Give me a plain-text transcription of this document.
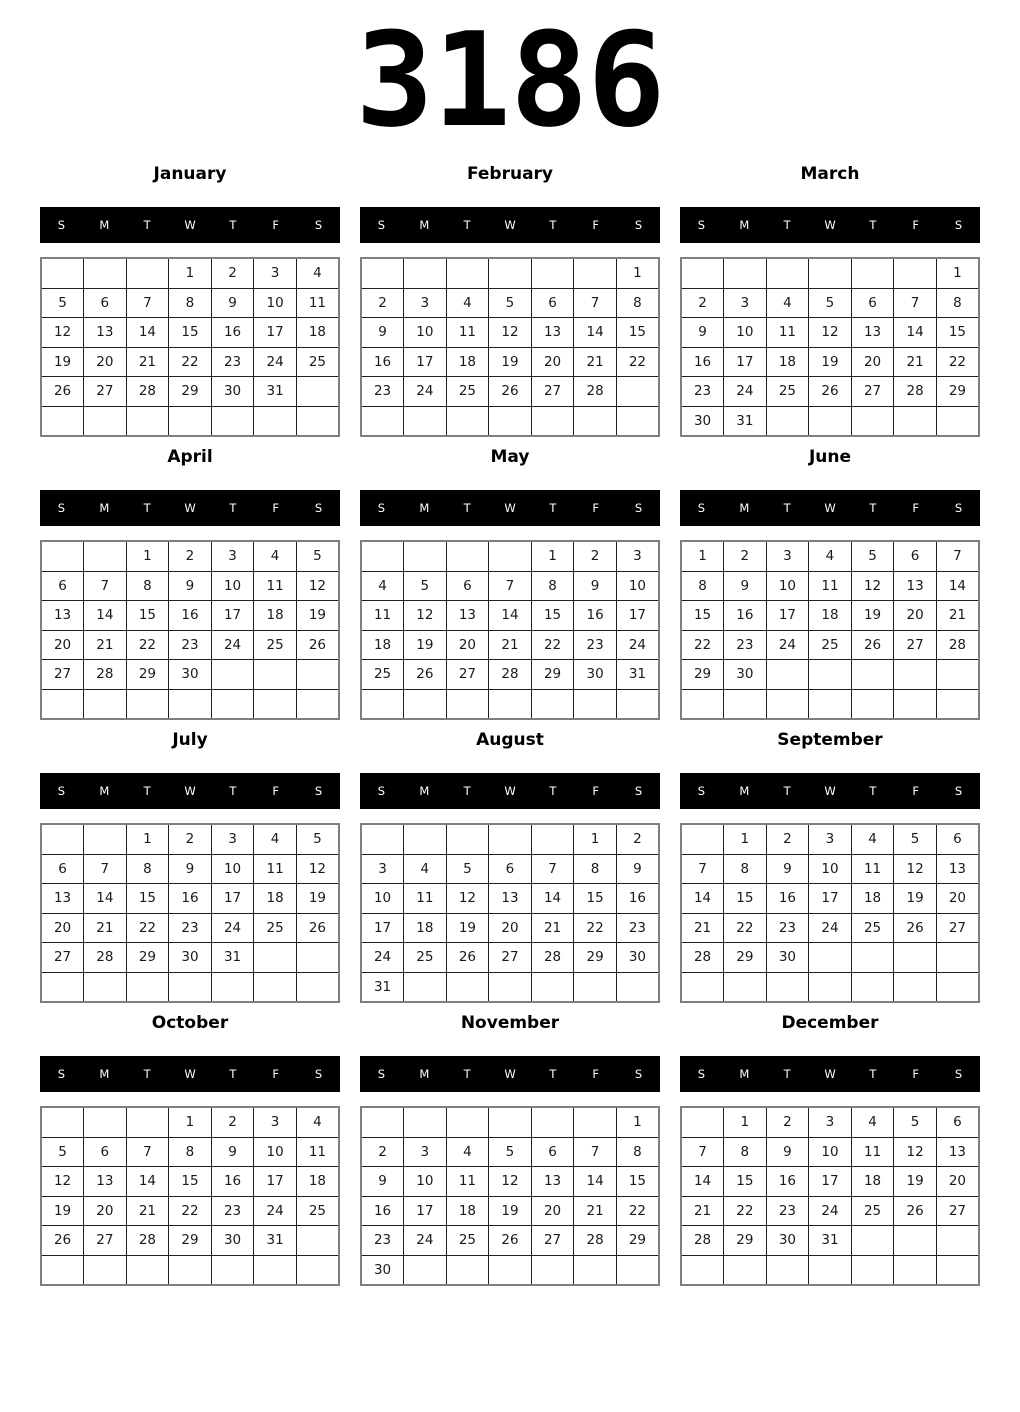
3186
January
S	M	T	W	T	F	S
			1	2	3	4
5	6	7	8	9	10	11
12	13	14	15	16	17	18
19	20	21	22	23	24	25
26	27	28	29	30	31	

February
S	M	T	W	T	F	S
						1
2	3	4	5	6	7	8
9	10	11	12	13	14	15
16	17	18	19	20	21	22
23	24	25	26	27	28	

March
S	M	T	W	T	F	S
						1
2	3	4	5	6	7	8
9	10	11	12	13	14	15
16	17	18	19	20	21	22
23	24	25	26	27	28	29
30	31					
April
S	M	T	W	T	F	S
		1	2	3	4	5
6	7	8	9	10	11	12
13	14	15	16	17	18	19
20	21	22	23	24	25	26
27	28	29	30			

May
S	M	T	W	T	F	S
				1	2	3
4	5	6	7	8	9	10
11	12	13	14	15	16	17
18	19	20	21	22	23	24
25	26	27	28	29	30	31

June
S	M	T	W	T	F	S
1	2	3	4	5	6	7
8	9	10	11	12	13	14
15	16	17	18	19	20	21
22	23	24	25	26	27	28
29	30					

July
S	M	T	W	T	F	S
		1	2	3	4	5
6	7	8	9	10	11	12
13	14	15	16	17	18	19
20	21	22	23	24	25	26
27	28	29	30	31		

August
S	M	T	W	T	F	S
					1	2
3	4	5	6	7	8	9
10	11	12	13	14	15	16
17	18	19	20	21	22	23
24	25	26	27	28	29	30
31						
September
S	M	T	W	T	F	S
	1	2	3	4	5	6
7	8	9	10	11	12	13
14	15	16	17	18	19	20
21	22	23	24	25	26	27
28	29	30				

October
S	M	T	W	T	F	S
			1	2	3	4
5	6	7	8	9	10	11
12	13	14	15	16	17	18
19	20	21	22	23	24	25
26	27	28	29	30	31	

November
S	M	T	W	T	F	S
						1
2	3	4	5	6	7	8
9	10	11	12	13	14	15
16	17	18	19	20	21	22
23	24	25	26	27	28	29
30						
December
S	M	T	W	T	F	S
	1	2	3	4	5	6
7	8	9	10	11	12	13
14	15	16	17	18	19	20
21	22	23	24	25	26	27
28	29	30	31			
